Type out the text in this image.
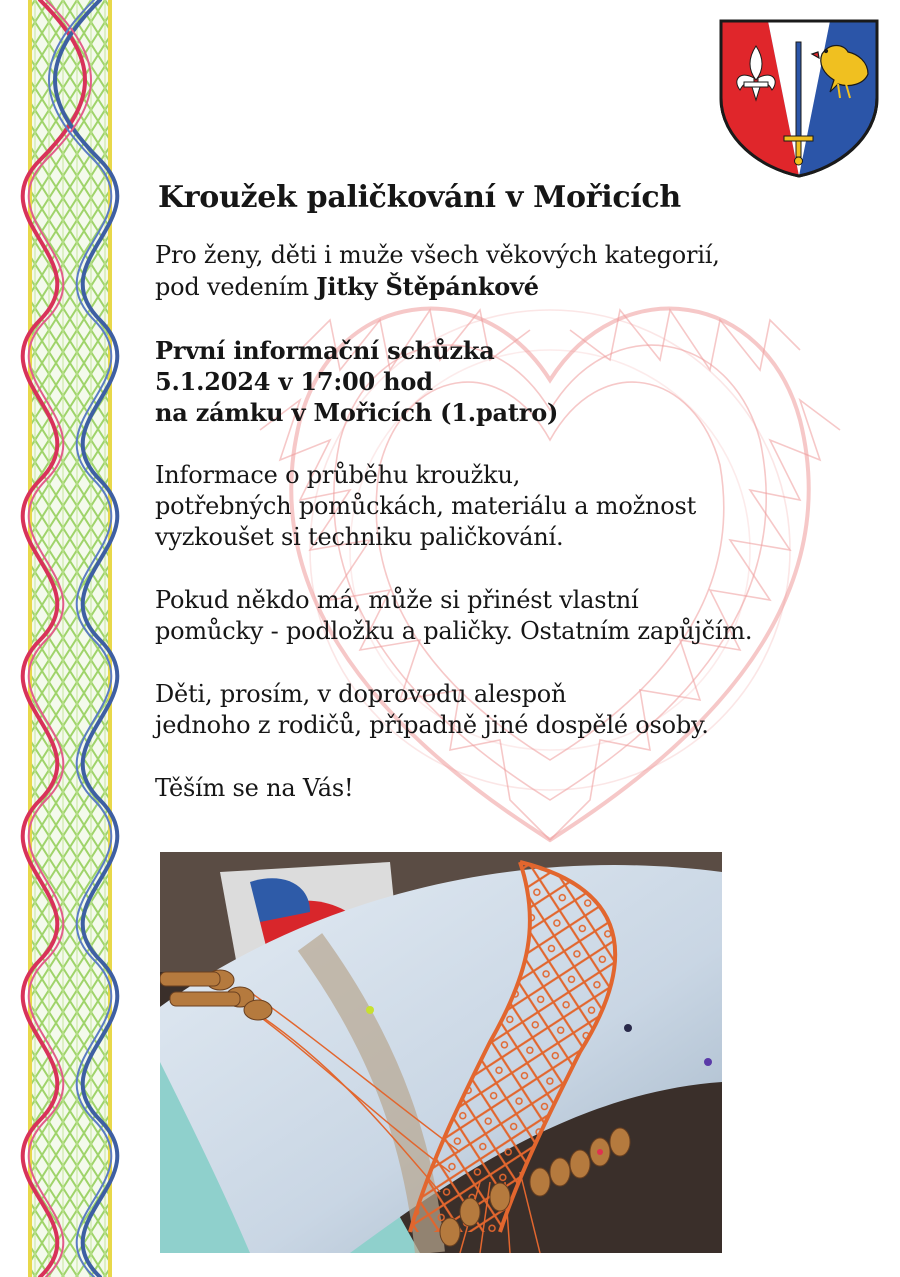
Kroužek paličkování v Mořicích

Pro ženy, děti i muže všech věkových kategorií,
pod vedením Jitky Štěpánkové

První informační schůzka
5.1.2024 v 17:00 hod
na zámku v Mořicích (1.patro)

Informace o průběhu kroužku,
potřebných pomůckách, materiálu a možnost
vyzkoušet si techniku paličkování.

Pokud někdo má, může si přinést vlastní
pomůcky - podložku a paličky. Ostatním zapůjčím.

Děti, prosím, v doprovodu alespoň
jednoho z rodičů, případně jiné dospělé osoby.

Těším se na Vás!
